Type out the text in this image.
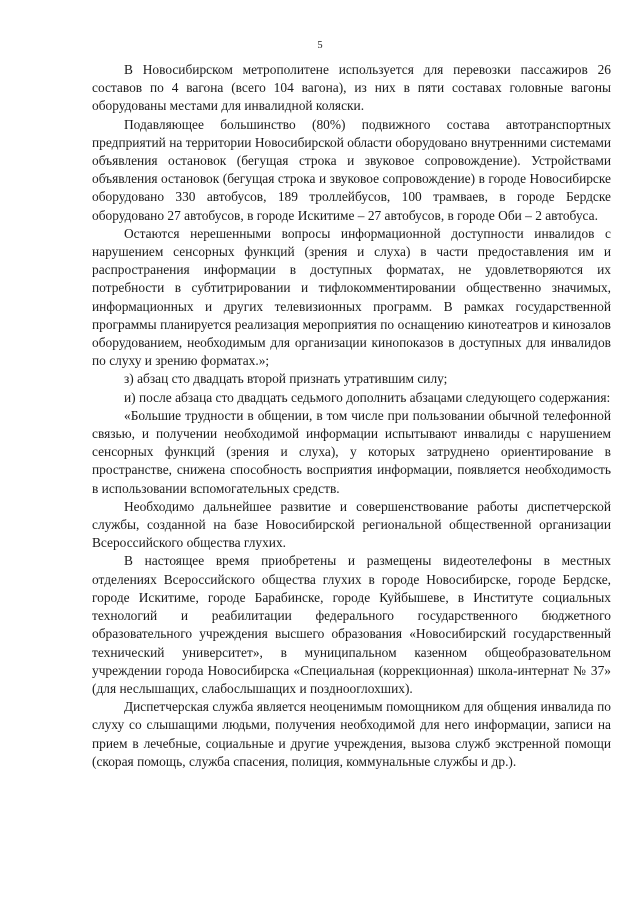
5

В Новосибирском метрополитене используется для перевозки пассажиров 26 составов по 4 вагона (всего 104 вагона), из них в пяти составах головные вагоны оборудованы местами для инвалидной коляски.

Подавляющее большинство (80%) подвижного состава автотранспортных предприятий на территории Новосибирской области оборудовано внутренними системами объявления остановок (бегущая строка и звуковое сопровождение). Устройствами объявления остановок (бегущая строка и звуковое сопровождение) в городе Новосибирске оборудовано 330 автобусов, 189 троллейбусов, 100 трамваев, в городе Бердске оборудовано 27 автобусов, в городе Искитиме – 27 автобусов, в городе Оби – 2 автобуса.

Остаются нерешенными вопросы информационной доступности инвалидов с нарушением сенсорных функций (зрения и слуха) в части предоставления им и распространения информации в доступных форматах, не удовлетворяются их потребности в субтитрировании и тифлокомментировании общественно значимых, информационных и других телевизионных программ. В рамках государственной программы планируется реализация мероприятия по оснащению кинотеатров и кинозалов оборудованием, необходимым для организации кинопоказов в доступных для инвалидов по слуху и зрению форматах.»;

з) абзац сто двадцать второй признать утратившим силу;

и) после абзаца сто двадцать седьмого дополнить абзацами следующего содержания:

«Большие трудности в общении, в том числе при пользовании обычной телефонной связью, и получении необходимой информации испытывают инвалиды с нарушением сенсорных функций (зрения и слуха), у которых затруднено ориентирование в пространстве, снижена способность восприятия информации, появляется необходимость в использовании вспомогательных средств.

Необходимо дальнейшее развитие и совершенствование работы диспетчерской службы, созданной на базе Новосибирской региональной общественной организации Всероссийского общества глухих.

В настоящее время приобретены и размещены видеотелефоны в местных отделениях Всероссийского общества глухих в городе Новосибирске, городе Бердске, городе Искитиме, городе Барабинске, городе Куйбышеве, в Институте социальных технологий и реабилитации федерального государственного бюджетного образовательного учреждения высшего образования «Новосибирский государственный технический университет», в муниципальном казенном общеобразовательном учреждении города Новосибирска «Специальная (коррекционная) школа-интернат № 37» (для неслышащих, слабослышащих и позднооглохших).

Диспетчерская служба является неоценимым помощником для общения инвалида по слуху со слышащими людьми, получения необходимой для него информации, записи на прием в лечебные, социальные и другие учреждения, вызова служб экстренной помощи (скорая помощь, служба спасения, полиция, коммунальные службы и др.).
